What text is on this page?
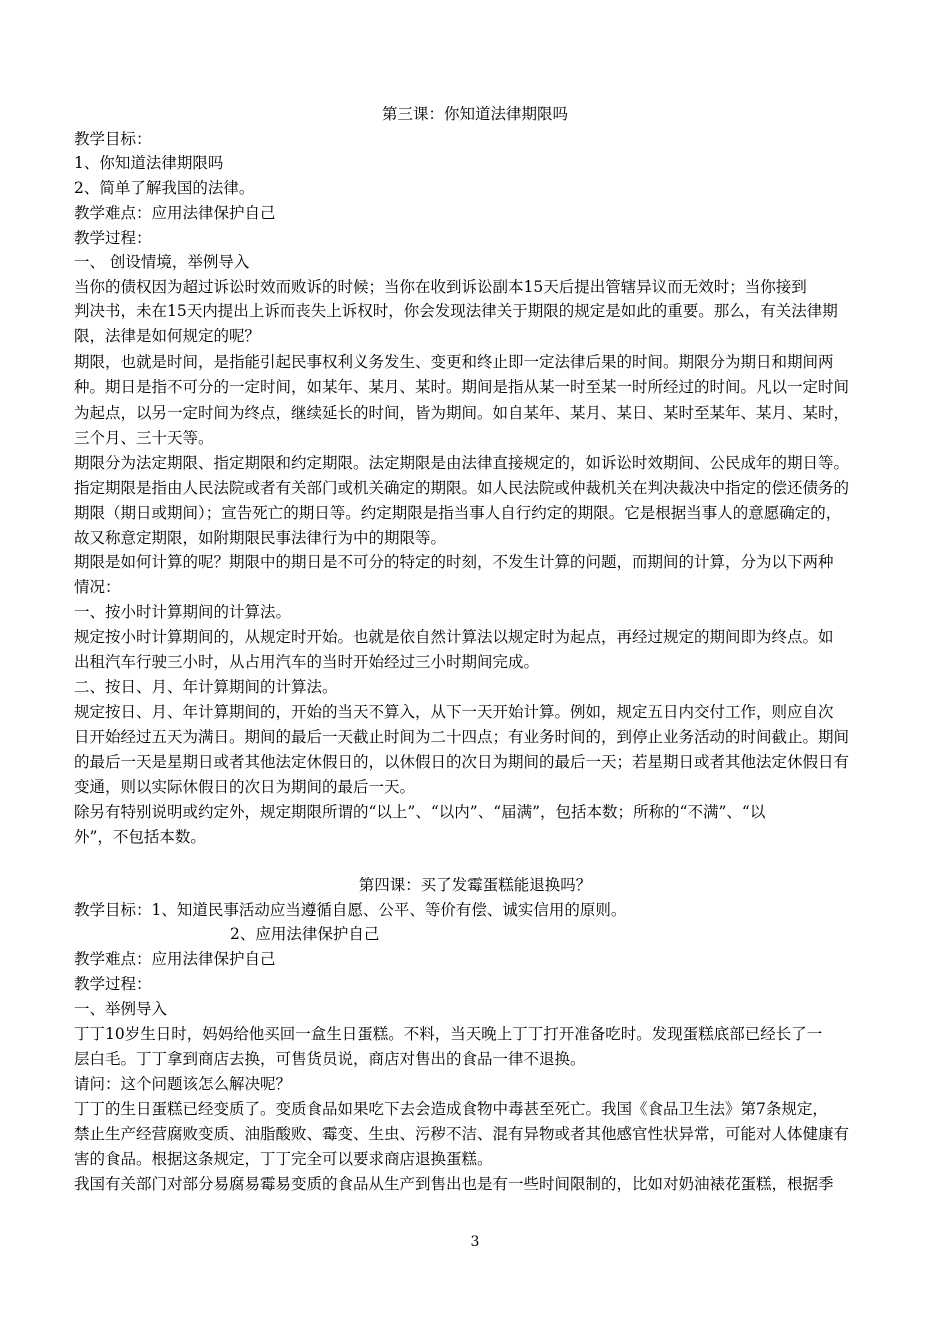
第三课：你知道法律期限吗
教学目标：
1、你知道法律期限吗
2、简单了解我国的法律。
教学难点：应用法律保护自己
教学过程：
一、 创设情境，举例导入
当你的债权因为超过诉讼时效而败诉的时候；当你在收到诉讼副本15天后提出管辖异议而无效时；当你接到
判决书，未在15天内提出上诉而丧失上诉权时，你会发现法律关于期限的规定是如此的重要。那么，有关法律期
限，法律是如何规定的呢？
期限，也就是时间，是指能引起民事权利义务发生、变更和终止即一定法律后果的时间。期限分为期日和期间两
种。期日是指不可分的一定时间，如某年、某月、某时。期间是指从某一时至某一时所经过的时间。凡以一定时间
为起点，以另一定时间为终点，继续延长的时间，皆为期间。如自某年、某月、某日、某时至某年、某月、某时，
三个月、三十天等。
期限分为法定期限、指定期限和约定期限。法定期限是由法律直接规定的，如诉讼时效期间、公民成年的期日等。
指定期限是指由人民法院或者有关部门或机关确定的期限。如人民法院或仲裁机关在判决裁决中指定的偿还债务的
期限（期日或期间）；宣告死亡的期日等。约定期限是指当事人自行约定的期限。它是根据当事人的意愿确定的，
故又称意定期限，如附期限民事法律行为中的期限等。
期限是如何计算的呢？期限中的期日是不可分的特定的时刻，不发生计算的问题，而期间的计算，分为以下两种
情况：
一、按小时计算期间的计算法。
规定按小时计算期间的，从规定时开始。也就是依自然计算法以规定时为起点，再经过规定的期间即为终点。如
出租汽车行驶三小时，从占用汽车的当时开始经过三小时期间完成。
二、按日、月、年计算期间的计算法。
规定按日、月、年计算期间的，开始的当天不算入，从下一天开始计算。例如，规定五日内交付工作，则应自次
日开始经过五天为满日。期间的最后一天截止时间为二十四点；有业务时间的，到停止业务活动的时间截止。期间
的最后一天是星期日或者其他法定休假日的，以休假日的次日为期间的最后一天；若星期日或者其他法定休假日有
变通，则以实际休假日的次日为期间的最后一天。
除另有特别说明或约定外，规定期限所谓的“以上”、“以内”、“届满”，包括本数；所称的“不满”、“以
外”，不包括本数。
第四课：买了发霉蛋糕能退换吗？
教学目标：1、知道民事活动应当遵循自愿、公平、等价有偿、诚实信用的原则。
2、应用法律保护自己
教学难点：应用法律保护自己
教学过程：
一、举例导入
丁丁10岁生日时，妈妈给他买回一盒生日蛋糕。不料，当天晚上丁丁打开准备吃时。发现蛋糕底部已经长了一
层白毛。丁丁拿到商店去换，可售货员说，商店对售出的食品一律不退换。
请问：这个问题该怎么解决呢？
丁丁的生日蛋糕已经变质了。变质食品如果吃下去会造成食物中毒甚至死亡。我国《食品卫生法》第7条规定，
禁止生产经营腐败变质、油脂酸败、霉变、生虫、污秽不洁、混有异物或者其他感官性状异常，可能对人体健康有
害的食品。根据这条规定，丁丁完全可以要求商店退换蛋糕。
我国有关部门对部分易腐易霉易变质的食品从生产到售出也是有一些时间限制的，比如对奶油裱花蛋糕，根据季
3
